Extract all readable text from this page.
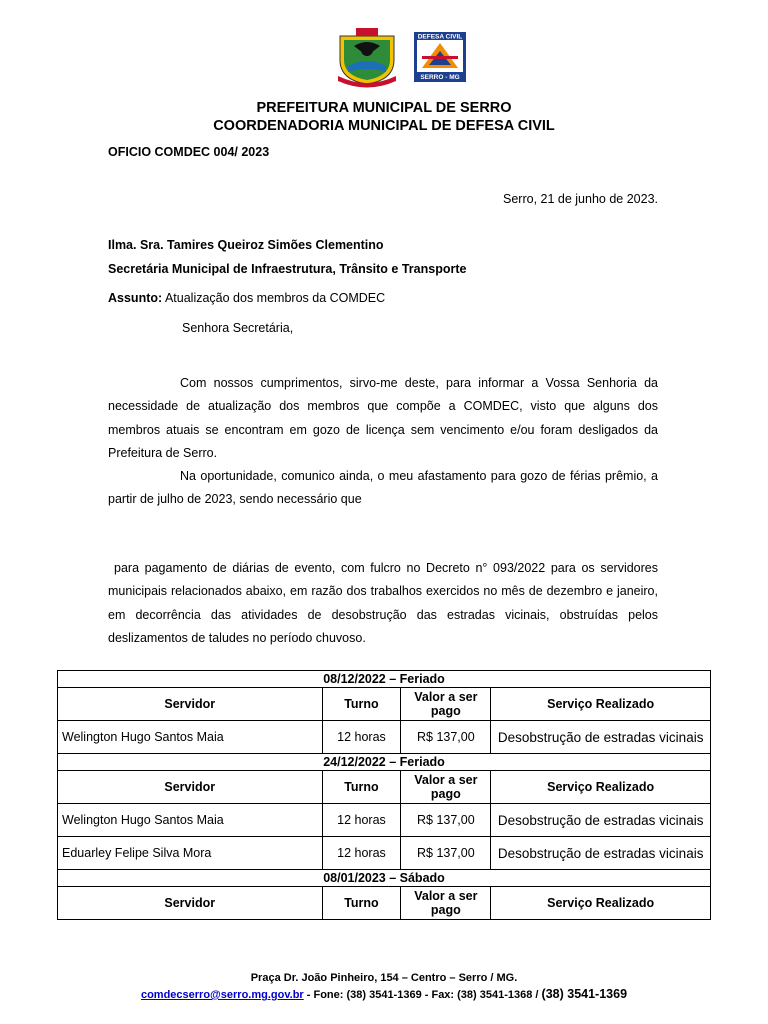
DEFESA CIVIL
SERRO - MG
PREFEITURA MUNICIPAL DE SERRO
COORDENADORIA MUNICIPAL DE DEFESA CIVIL
OFICIO COMDEC 004/ 2023
Serro, 21 de junho de 2023.
Ilma. Sra. Tamires Queiroz Simões Clementino
Secretária Municipal de Infraestrutura, Trânsito e Transporte
Assunto: Atualização dos membros da COMDEC
Senhora Secretária,

Com nossos cumprimentos, sirvo-me deste, para informar a Vossa Senhoria da necessidade de atualização dos membros que compõe a COMDEC, visto que alguns dos membros atuais se encontram em gozo de licença sem vencimento e/ou foram desligados da Prefeitura de Serro.

Na oportunidade, comunico ainda, o meu afastamento para gozo de férias prêmio, a partir de julho de 2023, sendo necessário que

para pagamento de diárias de evento, com fulcro no Decreto n° 093/2022 para os servidores municipais relacionados abaixo, em razão dos trabalhos exercidos no mês de dezembro e janeiro, em decorrência das atividades de desobstrução das estradas vicinais, obstruídas pelos deslizamentos de taludes no período chuvoso.

08/12/2022 – Feriado			
Servidor	Turno	Valor a ser pago	Serviço Realizado
Welington Hugo Santos Maia	12 horas	R$ 137,00	Desobstrução de estradas vicinais
24/12/2022 – Feriado			
Servidor	Turno	Valor a ser pago	Serviço Realizado
Welington Hugo Santos Maia	12 horas	R$ 137,00	Desobstrução de estradas vicinais
Eduarley Felipe Silva Mora	12 horas	R$ 137,00	Desobstrução de estradas vicinais
08/01/2023 – Sábado			
Servidor	Turno	Valor a ser pago	Serviço Realizado
Praça Dr. João Pinheiro, 154 – Centro – Serro / MG.
comdecserro@serro.mg.gov.br - Fone: (38) 3541-1369 - Fax: (38) 3541-1368 / (38) 3541-1369
